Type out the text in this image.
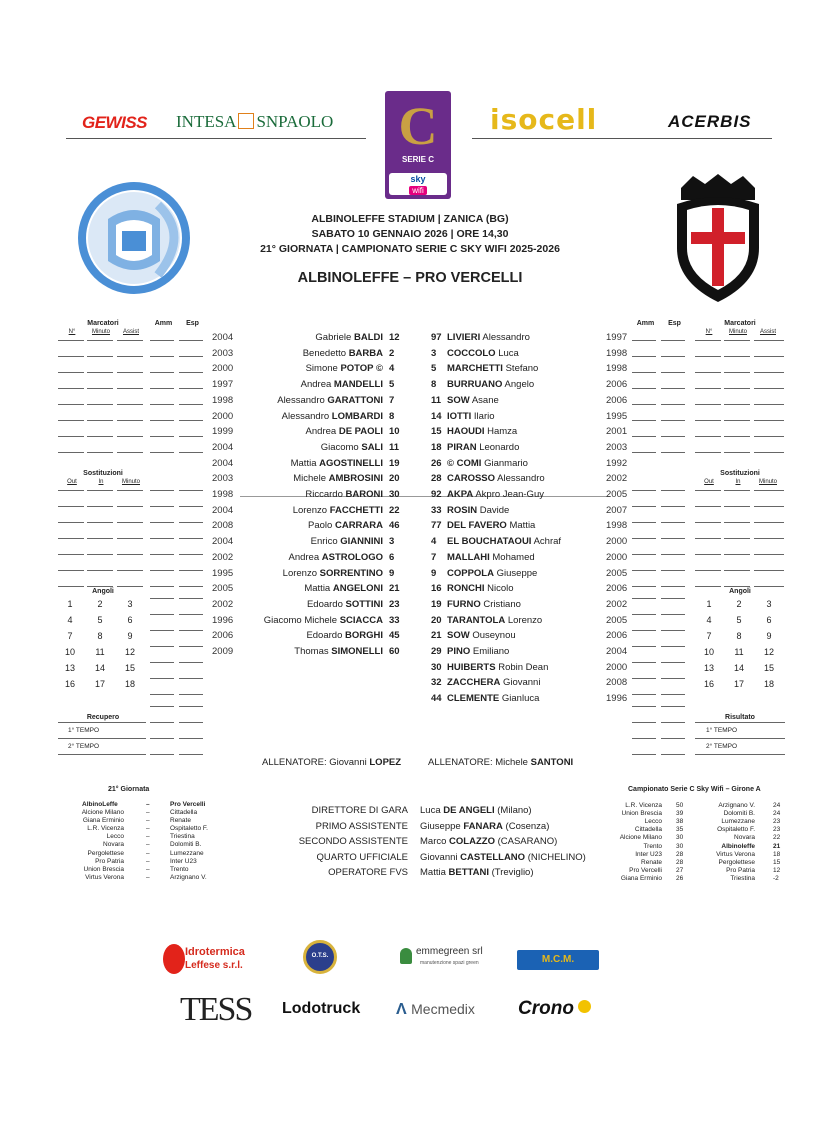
GEWISS INTESA SNPAOLO C
SERIE C
sky
wifi
isocell	ACERBIS
ALBINOLEFFE STADIUM | ZANICA (BG)
SABATO 10 GENNAIO 2026 | ORE 14,30
21° GIORNATA | CAMPIONATO SERIE C SKY WIFI 2025-2026
ALBINOLEFFE – PRO VERCELLI
Marcatori	Amm	Esp
N°	Minuto	Assist
Sostituzioni
Out	In	Minuto
Angoli
Recupero
1° TEMPO
2° TEMPO
Amm	Esp	Marcatori
N°	Minuto	Assist
Sostituzioni
Out	In	Minuto
Angoli
Risultato
1° TEMPO
2° TEMPO
ALLENATORE: Giovanni LOPEZ	ALLENATORE: Michele SANTONI
21° Giornata	Campionato Serie C Sky Wifi – Girone A
Idrotermica
Leffese s.r.l.
O.T.S.	emmegreen srl
manutenzione spazi green	M.C.M.
TESS Lodotruck Λ Mecmedix Crono
1	2	3
4	5	6
7	8	9
10	11	12
13	14	15
16	17	18
1	2	3
4	5	6
7	8	9
10	11	12
13	14	15
16	17	18
2004	Gabriele BALDI 12
2003	Benedetto BARBA 2
2000	Simone POTOP © 4
1997	Andrea MANDELLI 5
1998	Alessandro GARATTONI 7
2000	Alessandro LOMBARDI 8
1999	Andrea DE PAOLI 10
2004	Giacomo SALI 11
2004	Mattia AGOSTINELLI 19
2003	Michele AMBROSINI 20
1998	Riccardo BARONI 30
2004	Lorenzo FACCHETTI 22
2008	Paolo CARRARA 46
2004	Enrico GIANNINI 3
2002	Andrea ASTROLOGO 6
1995	Lorenzo SORRENTINO 9
2005	Mattia ANGELONI 21
2002	Edoardo SOTTINI 23
1996	Giacomo Michele SCIACCA 33
2006	Edoardo BORGHI 45
2009	Thomas SIMONELLI 60
97 LIVIERI Alessandro	1997
3 COCCOLO Luca	1998
5 MARCHETTI Stefano	1998
8 BURRUANO Angelo	2006
11 SOW Asane	2006
14 IOTTI Ilario	1995
15 HAOUDI Hamza	2001
18 PIRAN Leonardo	2003
26 © COMI Gianmario	1992
28 CAROSSO Alessandro	2002
92 AKPA Akpro Jean-Guy	2005
33 ROSIN Davide	2007
77 DEL FAVERO Mattia	1998
4 EL BOUCHATAOUI Achraf	2000
7 MALLAHI Mohamed	2000
9 COPPOLA Giuseppe	2005
16 RONCHI Nicolo	2006
19 FURNO Cristiano	2002
20 TARANTOLA Lorenzo	2005
21 SOW Ouseynou	2006
29 PINO Emiliano	2004
30 HUIBERTS Robin Dean	2000
32 ZACCHERA Giovanni	2008
44 CLEMENTE Gianluca	1996
AlbinoLeffe	–	Pro Vercelli
Alcione Milano	–	Cittadella
Giana Erminio	–	Renate
L.R. Vicenza	–	Ospitaletto F.
Lecco	–	Triestina
Novara	–	Dolomiti B.
Pergolettese	–	Lumezzane
Pro Patria	–	Inter U23
Union Brescia	–	Trento
Virtus Verona	–	Arzignano V.
DIRETTORE DI GARA Luca DE ANGELI (Milano)
PRIMO ASSISTENTE Giuseppe FANARA (Cosenza)
SECONDO ASSISTENTE Marco COLAZZO (CASARANO)
QUARTO UFFICIALE Giovanni CASTELLANO (NICHELINO)
OPERATORE FVS Mattia BETTANI (Treviglio)
L.R. Vicenza 50
Union Brescia 39
Lecco 38
Cittadella 35
Alcione Milano 30
Trento 30
Inter U23 28
Renate 28
Pro Vercelli 27
Giana Erminio 26
Arzignano V.	24
Dolomiti B.	24
Lumezzane	23
Ospitaletto F.	23
Novara	22
Albinoleffe	21
Virtus Verona	18
Pergolettese	15
Pro Patria	12
Triestina	-2
